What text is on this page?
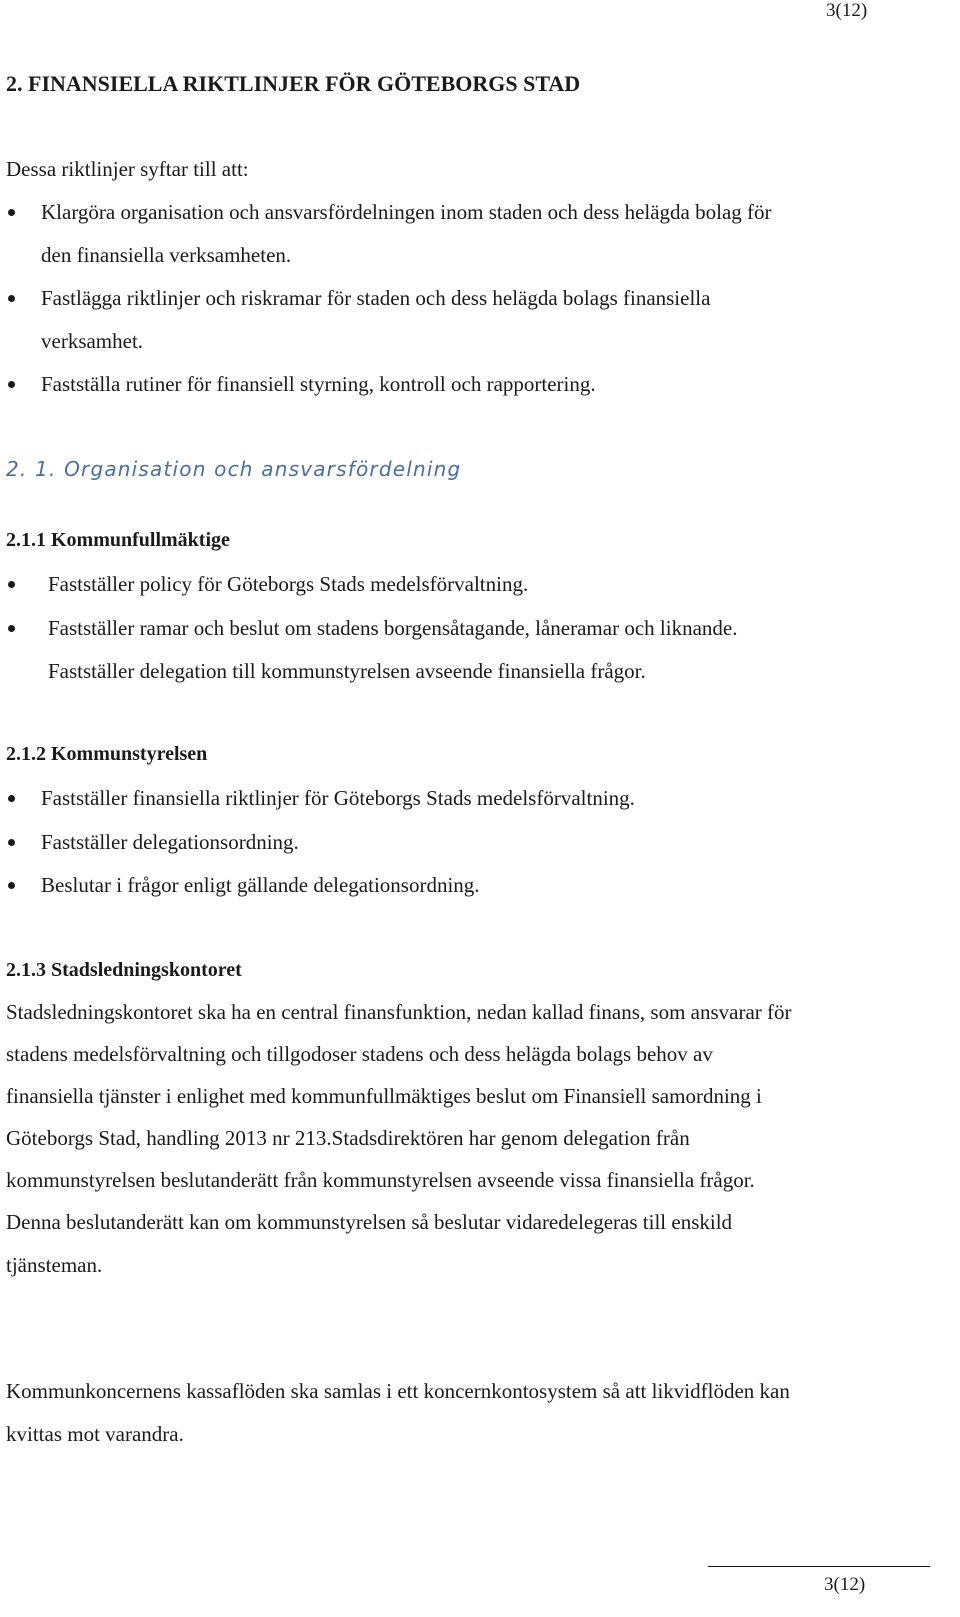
3(12)
2. FINANSIELLA RIKTLINJER FÖR GÖTEBORGS STAD
Dessa riktlinjer syftar till att:
Klargöra organisation och ansvarsfördelningen inom staden och dess helägda bolag för
den finansiella verksamheten.
Fastlägga riktlinjer och riskramar för staden och dess helägda bolags finansiella
verksamhet.
Fastställa rutiner för finansiell styrning, kontroll och rapportering.
2. 1. Organisation och ansvarsfördelning
2.1.1 Kommunfullmäktige
Fastställer policy för Göteborgs Stads medelsförvaltning.
Fastställer ramar och beslut om stadens borgensåtagande, låneramar och liknande.
Fastställer delegation till kommunstyrelsen avseende finansiella frågor.
2.1.2 Kommunstyrelsen
Fastställer finansiella riktlinjer för Göteborgs Stads medelsförvaltning.
Fastställer delegationsordning.
Beslutar i frågor enligt gällande delegationsordning.
2.1.3 Stadsledningskontoret
Stadsledningskontoret ska ha en central finansfunktion, nedan kallad finans, som ansvarar för
stadens medelsförvaltning och tillgodoser stadens och dess helägda bolags behov av
finansiella tjänster i enlighet med kommunfullmäktiges beslut om Finansiell samordning i
Göteborgs Stad, handling 2013 nr 213.Stadsdirektören har genom delegation från
kommunstyrelsen beslutanderätt från kommunstyrelsen avseende vissa finansiella frågor.
Denna beslutanderätt kan om kommunstyrelsen så beslutar vidaredelegeras till enskild
tjänsteman.
Kommunkoncernens kassaflöden ska samlas i ett koncernkontosystem så att likvidflöden kan
kvittas mot varandra.
3(12)
